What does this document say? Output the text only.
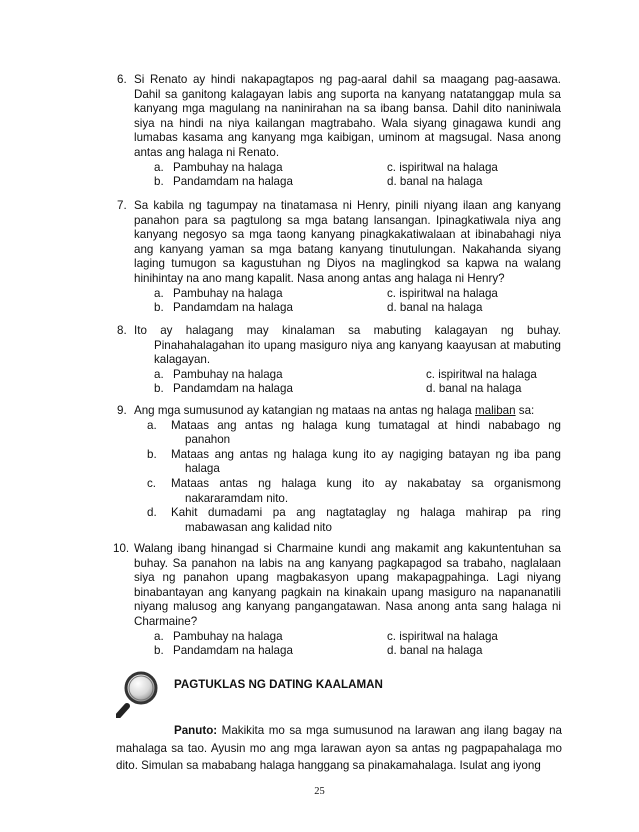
6. Si Renato ay hindi nakapagtapos ng pag-aaral dahil sa maagang pag-aasawa. Dahil sa ganitong kalagayan labis ang suporta na kanyang natatanggap mula sa kanyang mga magulang na naninirahan na sa ibang bansa. Dahil dito naniniwala siya na hindi na niya kailangan magtrabaho. Wala siyang ginagawa kundi ang lumabas kasama ang kanyang mga kaibigan, uminom at magsugal. Nasa anong antas ang halaga ni Renato.
a. Pambuhay na halaga	c. ispiritwal na halaga
b. Pandamdam na halaga	d. banal na halaga
7. Sa kabila ng tagumpay na tinatamasa ni Henry, pinili niyang ilaan ang kanyang panahon para sa pagtulong sa mga batang lansangan. Ipinagkatiwala niya ang kanyang negosyo sa mga taong kanyang pinagkakatiwalaan at ibinabahagi niya ang kanyang yaman sa mga batang kanyang tinutulungan. Nakahanda siyang laging tumugon sa kagustuhan ng Diyos na maglingkod sa kapwa na walang hinihintay na ano mang kapalit. Nasa anong antas ang halaga ni Henry?
a. Pambuhay na halaga	c. ispiritwal na halaga
b. Pandamdam na halaga	d. banal na halaga
8. Ito ay halagang may kinalaman sa mabuting kalagayan ng buhay. Pinahahalagahan ito upang masiguro niya ang kanyang kaayusan at mabuting kalagayan.
a. Pambuhay na halaga	c. ispiritwal na halaga
b. Pandamdam na halaga	d. banal na halaga
9. Ang mga sumusunod ay katangian ng mataas na antas ng halaga maliban sa:
a.	Mataas ang antas ng halaga kung tumatagal at hindi nababago ng
panahon
b.	Mataas ang antas ng halaga kung ito ay nagiging batayan ng iba pang
halaga
c.	Mataas antas ng halaga kung ito ay nakabatay sa organismong
nakararamdam nito.
d.	Kahit dumadami pa ang nagtataglay ng halaga mahirap pa ring
mabawasan ang kalidad nito
10. Walang ibang hinangad si Charmaine kundi ang makamit ang kakuntentuhan sa buhay. Sa panahon na labis na ang kanyang pagkapagod sa trabaho, naglalaan siya ng panahon upang magbakasyon upang makapagpahinga. Lagi niyang binabantayan ang kanyang pagkain na kinakain upang masiguro na napananatili niyang malusog ang kanyang pangangatawan. Nasa anong anta sang halaga ni Charmaine?
a. Pambuhay na halaga	c. ispiritwal na halaga
b. Pandamdam na halaga	d. banal na halaga
PAGTUKLAS NG DATING KAALAMAN
Panuto: Makikita mo sa mga sumusunod na larawan ang ilang bagay na mahalaga sa tao. Ayusin mo ang mga larawan ayon sa antas ng pagpapahalaga mo dito. Simulan sa mababang halaga hanggang sa pinakamahalaga. Isulat ang iyong
25
